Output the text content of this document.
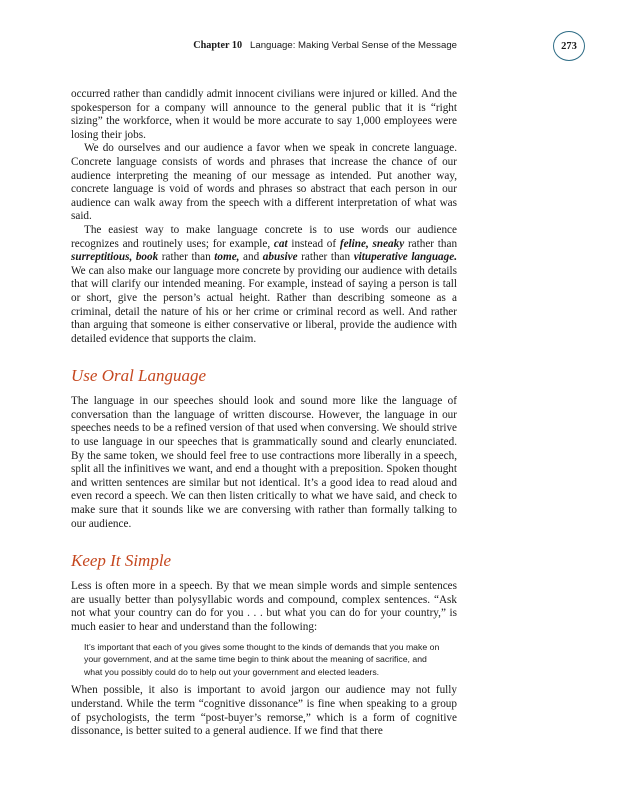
Chapter 10 Language: Making Verbal Sense of the Message	273

occurred rather than candidly admit innocent civilians were injured or killed. And the spokesperson for a company will announce to the general public that it is “right sizing” the workforce, when it would be more accurate to say 1,000 employees were losing their jobs.

We do ourselves and our audience a favor when we speak in concrete language. Concrete language consists of words and phrases that increase the chance of our audience interpreting the meaning of our message as intended. Put another way, concrete language is void of words and phrases so abstract that each person in our audience can walk away from the speech with a different interpretation of what was said.

The easiest way to make language concrete is to use words our audience recognizes and routinely uses; for example, cat instead of feline, sneaky rather than surreptitious, book rather than tome, and abusive rather than vituperative language. We can also make our language more concrete by providing our audience with details that will clarify our intended meaning. For example, instead of saying a person is tall or short, give the person’s actual height. Rather than describing someone as a criminal, detail the nature of his or her crime or criminal record as well. And rather than arguing that someone is either conservative or liberal, provide the audience with detailed evidence that supports the claim.

Use Oral Language

The language in our speeches should look and sound more like the language of conversation than the language of written discourse. However, the language in our speeches needs to be a refined version of that used when conversing. We should strive to use language in our speeches that is grammatically sound and clearly enunciated. By the same token, we should feel free to use contractions more liberally in a speech, split all the infinitives we want, and end a thought with a preposition. Spoken thought and written sentences are similar but not identical. It’s a good idea to read aloud and even record a speech. We can then listen critically to what we have said, and check to make sure that it sounds like we are conversing with rather than formally talking to our audience.

Keep It Simple

Less is often more in a speech. By that we mean simple words and simple sentences are usually better than polysyllabic words and compound, complex sentences. “Ask not what your country can do for you . . . but what you can do for your country,” is much easier to hear and understand than the following:

It’s important that each of you gives some thought to the kinds of demands that you make on your government, and at the same time begin to think about the meaning of sacrifice, and what you possibly could do to help out your government and elected leaders.

When possible, it also is important to avoid jargon our audience may not fully understand. While the term “cognitive dissonance” is fine when speaking to a group of psychologists, the term “post-buyer’s remorse,” which is a form of cognitive dissonance, is better suited to a general audience. If we find that there
